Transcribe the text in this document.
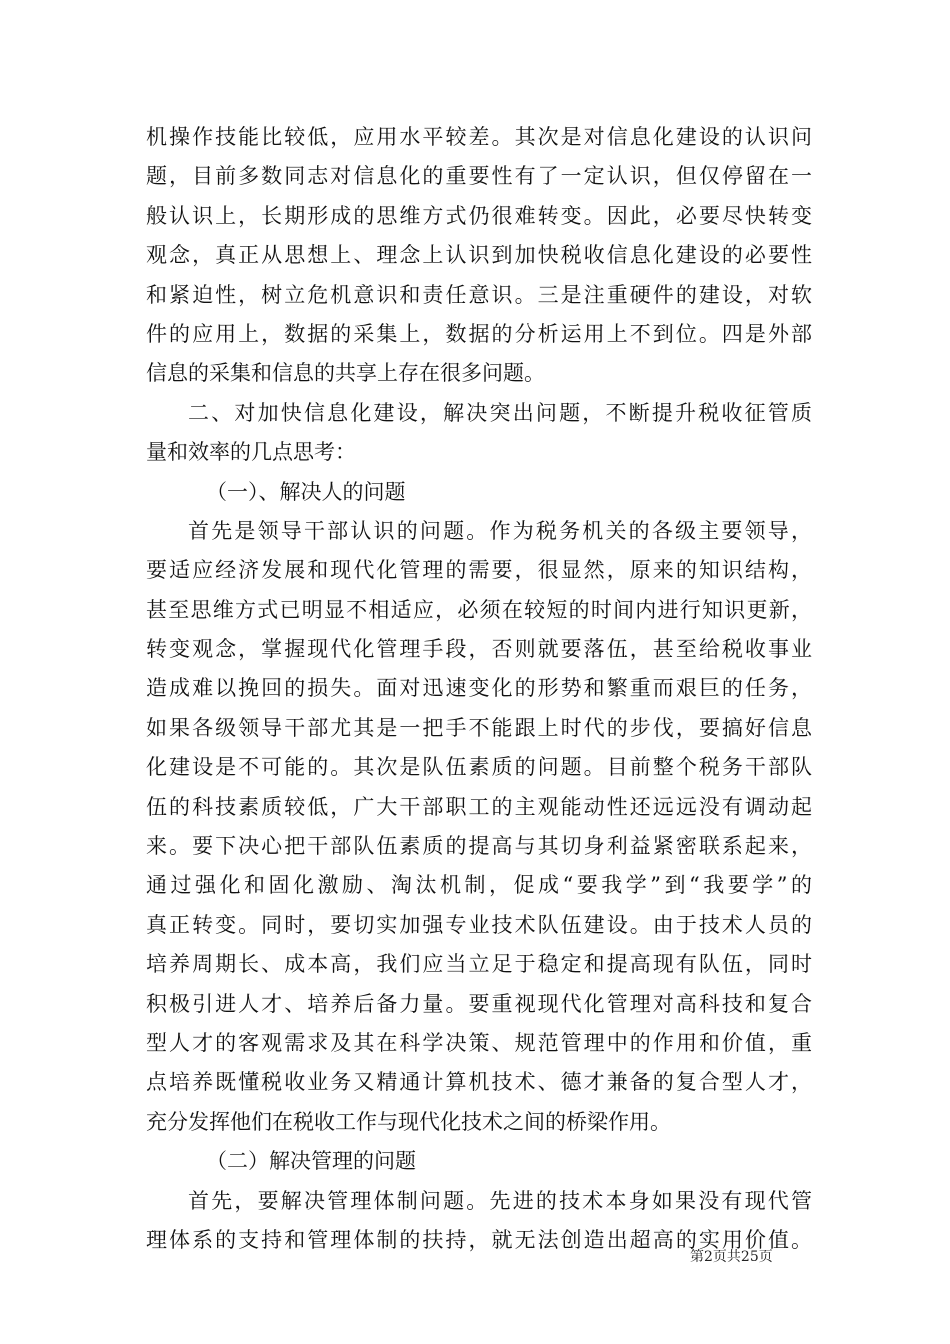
机操作技能比较低，应用水平较差。其次是对信息化建设的认识问
题，目前多数同志对信息化的重要性有了一定认识，但仅停留在一
般认识上，长期形成的思维方式仍很难转变。因此，必要尽快转变
观念，真正从思想上、理念上认识到加快税收信息化建设的必要性
和紧迫性，树立危机意识和责任意识。三是注重硬件的建设，对软
件的应用上，数据的采集上，数据的分析运用上不到位。四是外部
信息的采集和信息的共享上存在很多问题。
二、对加快信息化建设，解决突出问题，不断提升税收征管质
量和效率的几点思考：
（一）、解决人的问题
首先是领导干部认识的问题。作为税务机关的各级主要领导，
要适应经济发展和现代化管理的需要，很显然，原来的知识结构，
甚至思维方式已明显不相适应，必须在较短的时间内进行知识更新，
转变观念，掌握现代化管理手段，否则就要落伍，甚至给税收事业
造成难以挽回的损失。面对迅速变化的形势和繁重而艰巨的任务，
如果各级领导干部尤其是一把手不能跟上时代的步伐，要搞好信息
化建设是不可能的。其次是队伍素质的问题。目前整个税务干部队
伍的科技素质较低，广大干部职工的主观能动性还远远没有调动起
来。要下决心把干部队伍素质的提高与其切身利益紧密联系起来，
通过强化和固化激励、淘汰机制，促成“要我学”到“我要学”的
真正转变。同时，要切实加强专业技术队伍建设。由于技术人员的
培养周期长、成本高，我们应当立足于稳定和提高现有队伍，同时
积极引进人才、培养后备力量。要重视现代化管理对高科技和复合
型人才的客观需求及其在科学决策、规范管理中的作用和价值，重
点培养既懂税收业务又精通计算机技术、德才兼备的复合型人才，
充分发挥他们在税收工作与现代化技术之间的桥梁作用。
（二）解决管理的问题
首先，要解决管理体制问题。先进的技术本身如果没有现代管
理体系的支持和管理体制的扶持，就无法创造出超高的实用价值。
第2页共25页
